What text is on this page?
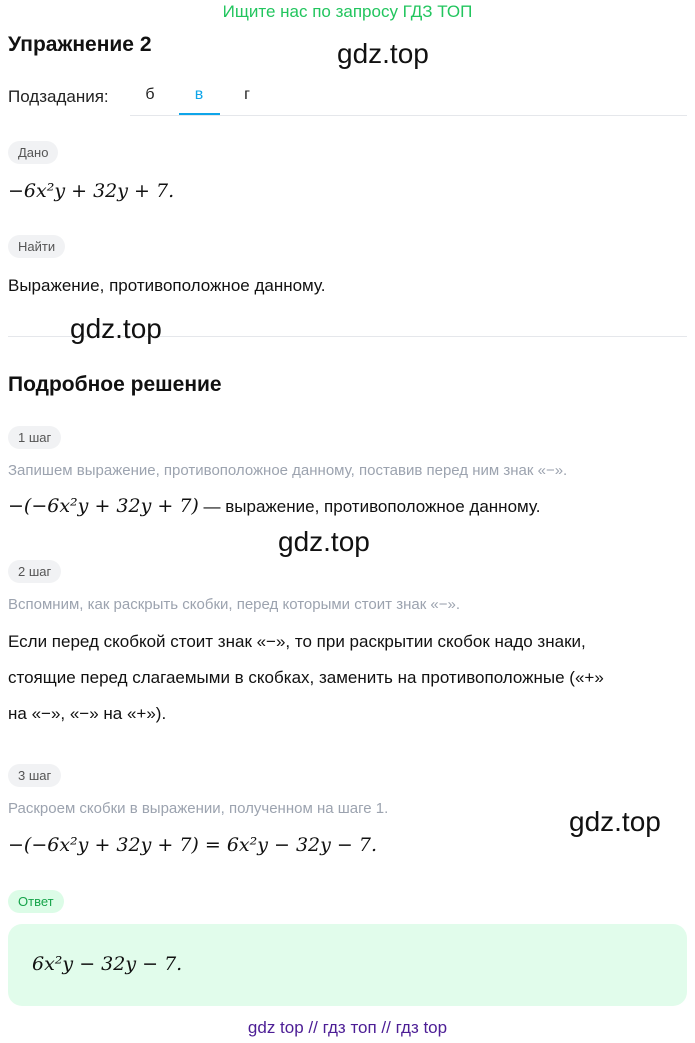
Ищите нас по запросу ГДЗ ТОП
Упражнение 2	gdz.top
Подзадания:	б	в	г
Дано
−6x²y + 32y + 7.
Найти
Выражение, противоположное данному.
gdz.top
Подробное решение
1 шаг
Запишем выражение, противоположное данному, поставив перед ним знак «−».
−(−6x²y + 32y + 7) — выражение, противоположное данному.
gdz.top
2 шаг
Вспомним, как раскрыть скобки, перед которыми стоит знак «−».
Если перед скобкой стоит знак «−», то при раскрытии скобок надо знаки,
стоящие перед слагаемыми в скобках, заменить на противоположные («+»
на «−», «−» на «+»).
3 шаг
Раскроем скобки в выражении, полученном на шаге 1.
−(−6x²y + 32y + 7) = 6x²y − 32y − 7.
gdz.top
Ответ
6x²y − 32y − 7.
gdz top // гдз топ // гдз top
